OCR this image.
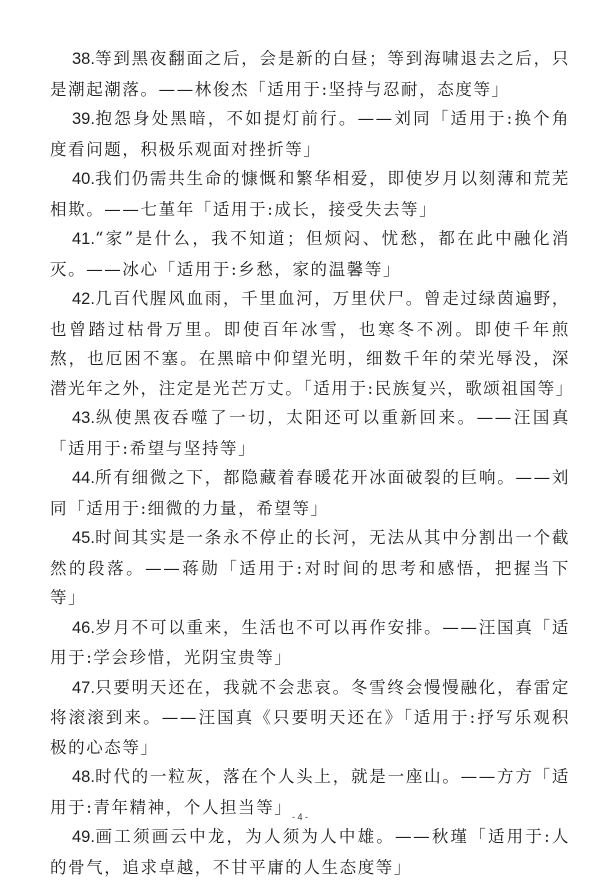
38.等到黑夜翻面之后，会是新的白昼；等到海啸退去之后，只是潮起潮落。——林俊杰「适用于:坚持与忍耐，态度等」

39.抱怨身处黑暗，不如提灯前行。——刘同「适用于:换个角度看问题，积极乐观面对挫折等」

40.我们仍需共生命的慷慨和繁华相爱，即使岁月以刻薄和荒芜相欺。——七堇年「适用于:成长，接受失去等」

41.“家”是什么，我不知道；但烦闷、忧愁，都在此中融化消灭。——冰心「适用于:乡愁，家的温馨等」

42.几百代腥风血雨，千里血河，万里伏尸。曾走过绿茵遍野，也曾踏过枯骨万里。即使百年冰雪，也寒冬不冽。即使千年煎熬，也厄困不塞。在黑暗中仰望光明，细数千年的荣光辱没，深潜光年之外，注定是光芒万丈。「适用于:民族复兴，歌颂祖国等」

43.纵使黑夜吞噬了一切，太阳还可以重新回来。——汪国真「适用于:希望与坚持等」

44.所有细微之下，都隐藏着春暖花开冰面破裂的巨响。——刘同「适用于:细微的力量，希望等」

45.时间其实是一条永不停止的长河，无法从其中分割出一个截然的段落。——蒋勋「适用于:对时间的思考和感悟，把握当下等」

46.岁月不可以重来，生活也不可以再作安排。——汪国真「适用于:学会珍惜，光阴宝贵等」

47.只要明天还在，我就不会悲哀。冬雪终会慢慢融化，春雷定将滚滚到来。——汪国真《只要明天还在》「适用于:抒写乐观积极的心态等」

48.时代的一粒灰，落在个人头上，就是一座山。——方方「适用于:青年精神，个人担当等」

49.画工须画云中龙，为人须为人中雄。——秋瑾「适用于:人的骨气，追求卓越，不甘平庸的人生态度等」

- 4 -
